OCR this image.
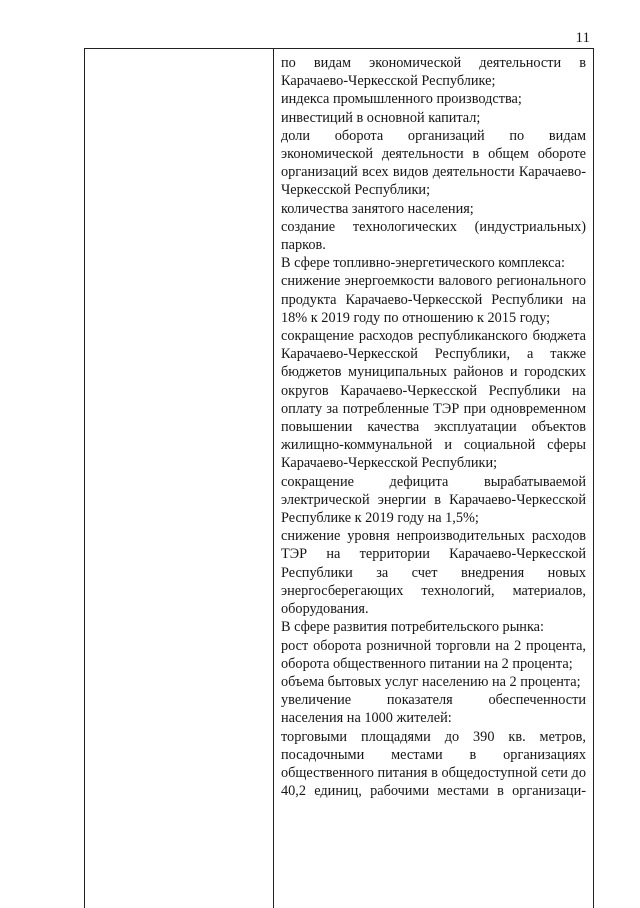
11

по видам экономической деятельности в Карачаево-Черкесской Республике;

индекса промышленного производства;

инвестиций в основной капитал;

доли оборота организаций по видам экономической деятельности в общем обороте организаций всех видов деятельности Карачаево-Черкесской Республики;

количества занятого населения;

создание технологических (индустриальных) парков.

В сфере топливно-энергетического комплекса:

снижение энергоемкости валового регионального продукта Карачаево-Черкесской Республики на 18% к 2019 году по отношению к 2015 году;

сокращение расходов республиканского бюджета Карачаево-Черкесской Республики, а также бюджетов муниципальных районов и городских округов Карачаево-Черкесской Республики на оплату за потребленные ТЭР при одновременном повышении качества эксплуатации объектов жилищно-коммунальной и социальной сферы Карачаево-Черкесской Республики;

сокращение дефицита вырабатываемой электрической энергии в Карачаево-Черкесской Республике к 2019 году на 1,5%;

снижение уровня непроизводительных расходов ТЭР на территории Карачаево-Черкесской Республики за счет внедрения новых энергосберегающих технологий, материалов, оборудования.

В сфере развития потребительского рынка:

рост оборота розничной торговли на 2 процента, оборота общественного питании на 2 процента;

объема бытовых услуг населению на 2 процента;

увеличение показателя обеспеченности населения на 1000 жителей:

торговыми площадями до 390 кв. метров, посадочными местами в организациях общественного питания в общедоступной сети до 40,2 единиц, рабочими местами в организаци-
